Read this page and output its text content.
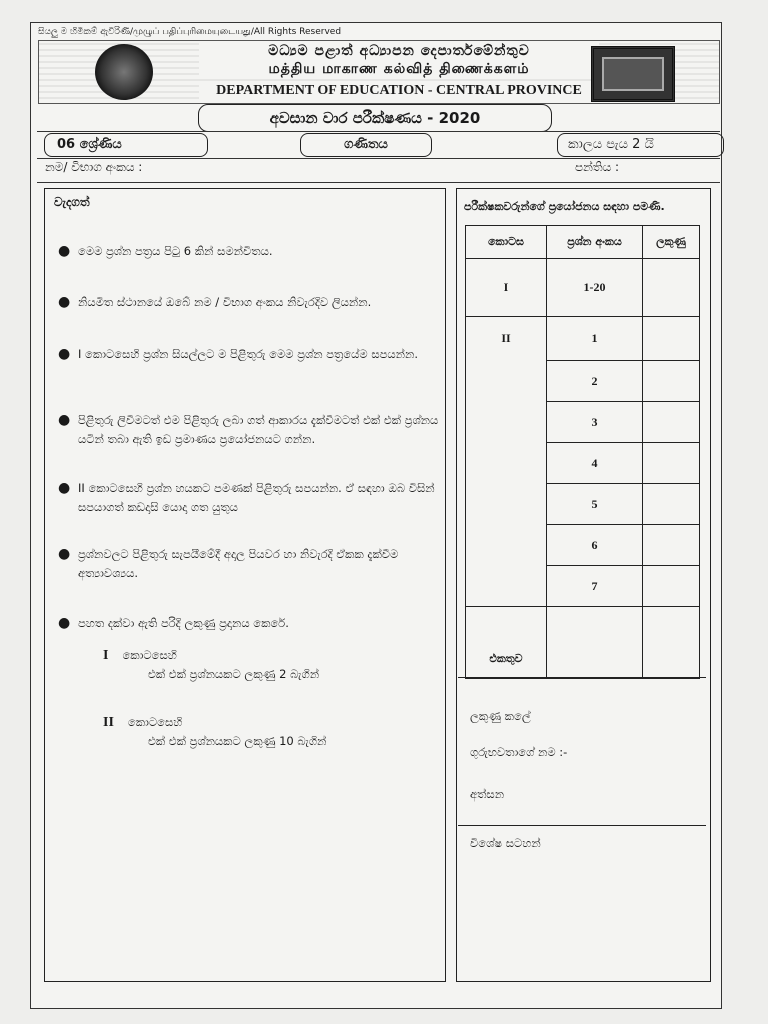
සියලු ම හිමිකම් ඇවිරිණි/முழுப் பதிப்புரிமையுடையது/All Rights Reserved
මධ්‍යම පළාත් අධ්‍යාපන දෙපාර්තමේන්තුව
மத்திய மாகாண கல்வித் திணைக்களம்
DEPARTMENT OF EDUCATION - CENTRAL PROVINCE
අවසාන වාර පරීක්ෂණය - 2020
06 ශ්‍රේණිය	ගණිතය	කාලය පැය 2 යි
නම/ විභාග අංකය :	පන්තිය :
වැදගත්
● මෙම ප්‍රශ්න පත්‍රය පිටු 6 කින් සමන්විතය.
● නියමිත ස්ථානයේ ඔබේ නම / විභාග අංකය නිවැරදිව ලියන්න.
● I කොටසෙහි ප්‍රශ්න සියල්ලට ම පිළිතුරු මෙම ප්‍රශ්න පත්‍රයේම සපයන්න.
● පිළිතුරු ලිවීමටත් එම පිළිතුරු ලබා ගත් ආකාරය දැක්වීමටත් එක් එක් ප්‍රශ්නය යටින් තබා ඇති ඉඩ ප්‍රමාණය ප්‍රයෝජනයට ගන්න.
● II කොටසෙහි ප්‍රශ්න හයකට පමණක් පිළිතුරු සපයන්න. ඒ සඳහා ඔබ විසින් සපයාගත් කඩදාසි යොදා ගත යුතුය
● ප්‍රශ්නවලට පිළිතුරු සැපයීමේදී අදාල පියවර හා නිවැරදි ඒකක දැක්වීම අත්‍යාවශ්‍යය.
● පහත දක්වා ඇති පරිදි ලකුණු ප්‍රදානය කෙරේ.
I කොටසෙහි
එක් එක් ප්‍රශ්නයකට ලකුණු 2 බැගින්
II කොටසෙහි
එක් එක් ප්‍රශ්නයකට ලකුණු 10 බැගින්
පරීක්ෂකවරුන්ගේ ප්‍රයෝජනය සඳහා පමණි.
කොටස	ප්‍රශ්න අංකය	ලකුණු
I	1-20	
II	1	
	2	
	3	
	4	
	5	
	6	
	7	
එකතුව		
ලකුණු කලේ
ගුරුභවතාගේ නම :-
අත්සන
විශේෂ සටහන්
